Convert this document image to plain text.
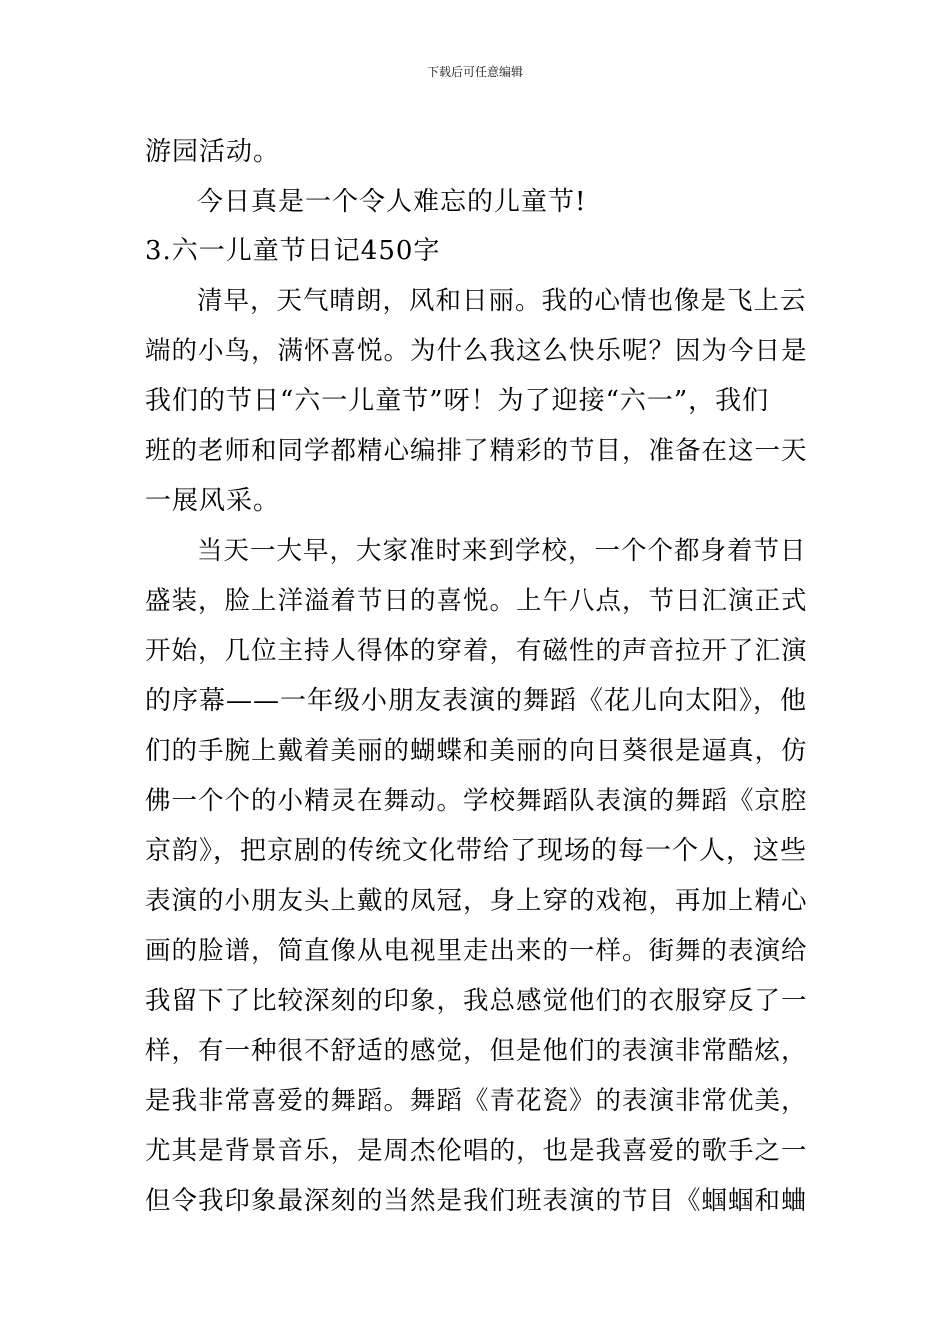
下载后可任意编辑
游园活动。
今日真是一个令人难忘的儿童节!
3.六一儿童节日记450字
清早，天气晴朗，风和日丽。我的心情也像是飞上云
端的小鸟，满怀喜悦。为什么我这么快乐呢？因为今日是
我们的节日“六一儿童节”呀！为了迎接“六一”，我们
班的老师和同学都精心编排了精彩的节目，准备在这一天
一展风采。
当天一大早，大家准时来到学校，一个个都身着节日
盛装，脸上洋溢着节日的喜悦。上午八点，节日汇演正式
开始，几位主持人得体的穿着，有磁性的声音拉开了汇演
的序幕——一年级小朋友表演的舞蹈《花儿向太阳》，他
们的手腕上戴着美丽的蝴蝶和美丽的向日葵很是逼真，仿
佛一个个的小精灵在舞动。学校舞蹈队表演的舞蹈《京腔
京韵》，把京剧的传统文化带给了现场的每一个人，这些
表演的小朋友头上戴的凤冠，身上穿的戏袍，再加上精心
画的脸谱，简直像从电视里走出来的一样。街舞的表演给
我留下了比较深刻的印象，我总感觉他们的衣服穿反了一
样，有一种很不舒适的感觉，但是他们的表演非常酷炫，
是我非常喜爱的舞蹈。舞蹈《青花瓷》的表演非常优美，
尤其是背景音乐，是周杰伦唱的，也是我喜爱的歌手之一
但令我印象最深刻的当然是我们班表演的节目《蝈蝈和蛐
